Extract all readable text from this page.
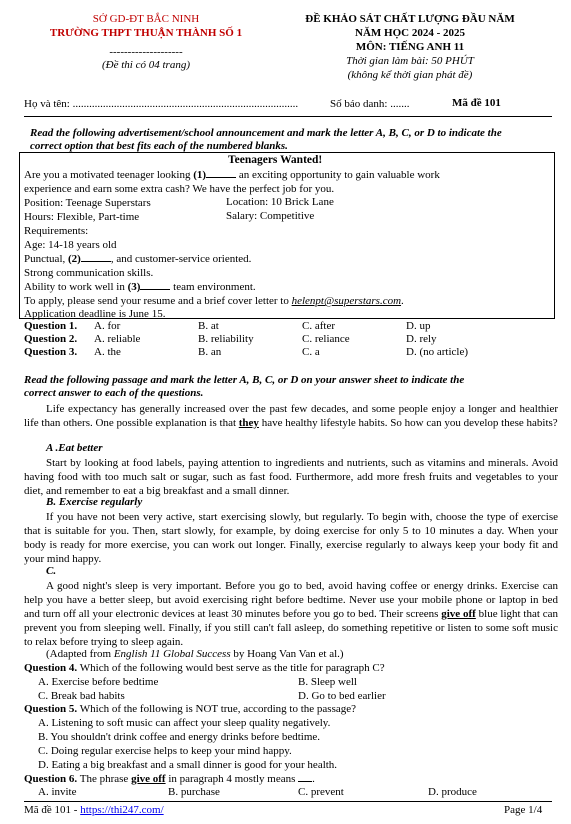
SỞ GD-ĐT BẮC NINH
TRƯỜNG THPT THUẬN THÀNH SỐ 1
--------------------
(Đề thi có 04 trang)
ĐỀ KHẢO SÁT CHẤT LƯỢNG ĐẦU NĂM
NĂM HỌC 2024 - 2025
MÔN: TIẾNG ANH 11
Thời gian làm bài: 50 PHÚT
(không kể thời gian phát đề)
Họ và tên: ..................................................................................	Số báo danh: .......	Mã đề 101
Read the following advertisement/school announcement and mark the letter A, B, C, or D to indicate the
correct option that best fits each of the numbered blanks.
Teenagers Wanted!
Are you a motivated teenager looking (1)	an exciting opportunity to gain valuable work
experience and earn some extra cash? We have the perfect job for you.
Position: Teenage Superstars	Location: 10 Brick Lane
Hours: Flexible, Part-time	Salary: Competitive
Requirements:
Age: 14-18 years old
Punctual, (2)	, and customer-service oriented.
Strong communication skills.
Ability to work well in (3)	team environment.
To apply, please send your resume and a brief cover letter to helenpt@superstars.com.
Application deadline is June 15.
Question 1. A. for	B. at	C. after	D. up
Question 2. A. reliable	B. reliability	C. reliance	D. rely
Question 3. A. the	B. an	C. a	D. (no article)
Read the following passage and mark the letter A, B, C, or D on your answer sheet to indicate the
correct answer to each of the questions.
Life expectancy has generally increased over the past few decades, and some people enjoy a longer and healthier life than others. One possible explanation is that they have healthy lifestyle habits. So how can you develop these habits?
A .Eat better
Start by looking at food labels, paying attention to ingredients and nutrients, such as vitamins and minerals. Avoid having food with too much salt or sugar, such as fast food. Furthermore, add more fresh fruits and vegetables to your diet, and remember to eat a big breakfast and a small dinner.
B. Exercise regularly
If you have not been very active, start exercising slowly, but regularly. To begin with, choose the type of exercise that is suitable for you. Then, start slowly, for example, by doing exercise for only 5 to 10 minutes a day. When your body is ready for more exercise, you can work out longer. Finally, exercise regularly to always keep your body fit and your mind happy.
C.
A good night's sleep is very important. Before you go to bed, avoid having coffee or energy drinks. Exercise can help you have a better sleep, but avoid exercising right before bedtime. Never use your mobile phone or laptop in bed and turn off all your electronic devices at least 30 minutes before you go to bed. Their screens give off blue light that can prevent you from sleeping well. Finally, if you still can't fall asleep, do something repetitive or listen to some soft music to relax before trying to sleep again.
(Adapted from English 11 Global Success by Hoang Van Van et al.)
Question 4. Which of the following would best serve as the title for paragraph C?
A. Exercise before bedtime	B. Sleep well
C. Break bad habits	D. Go to bed earlier
Question 5. Which of the following is NOT true, according to the passage?
A. Listening to soft music can affect your sleep quality negatively.
B. You shouldn't drink coffee and energy drinks before bedtime.
C. Doing regular exercise helps to keep your mind happy.
D. Eating a big breakfast and a small dinner is good for your health.
Question 6. The phrase give off in paragraph 4 mostly means .
A. invite	B. purchase	C. prevent	D. produce
Mã đề 101 - https://thi247.com/	Page 1/4
